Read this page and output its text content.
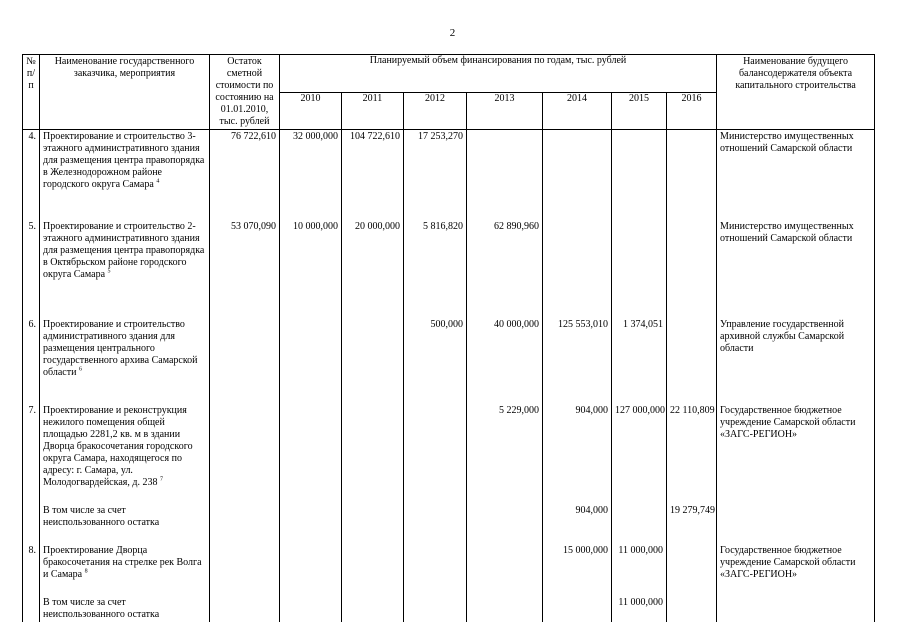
2
№ п/п	Наименование государственного заказчика, мероприятия	Остаток сметной стоимости по состоянию на 01.01.2010, тыс. рублей	Планируемый объем финансирования по годам, тыс. рублей							Наименование будущего балансодержателя объекта капитального строительства
			2010	2011	2012	2013	2014	2015	2016	
4.	Проектирование и строительство 3-этажного административного здания для размещения центра правопорядка в Железнодорожном районе городского округа Самара $^4$	76 722,610	32 000,000	104 722,610	17 253,270					Министерство имущественных отношений Самарской области

5.	Проектирование и строительство 2-этажного административного здания для размещения центра правопорядка в Октябрьском районе городского округа Самара $^5$	53 070,090	10 000,000	20 000,000	5 816,820	62 890,960				Министерство имущественных отношений Самарской области

6.	Проектирование и строительство административного здания для размещения центрального государственного архива Самарской области $^6$				500,000	40 000,000	125 553,010	1 374,051		Управление государственной архивной службы Самарской области

7.	Проектирование и реконструкция нежилого помещения общей площадью 2281,2 кв. м в здании Дворца бракосочетания городского округа Самара, находящегося по адресу: г. Самара, ул. Молодогвардейская, д. 238 $^7$					5 229,000	904,000	127 000,000	22 110,809	Государственное бюджетное учреждение Самарской области «ЗАГС-РЕГИОН»

	В том числе за счет неиспользованного остатка						904,000		19 279,749	

8.	Проектирование Дворца бракосочетания на стрелке рек Волга и Самара $^8$						15 000,000	11 000,000		Государственное бюджетное учреждение Самарской области «ЗАГС-РЕГИОН»

	В том числе за счет неиспользованного остатка							11 000,000		
